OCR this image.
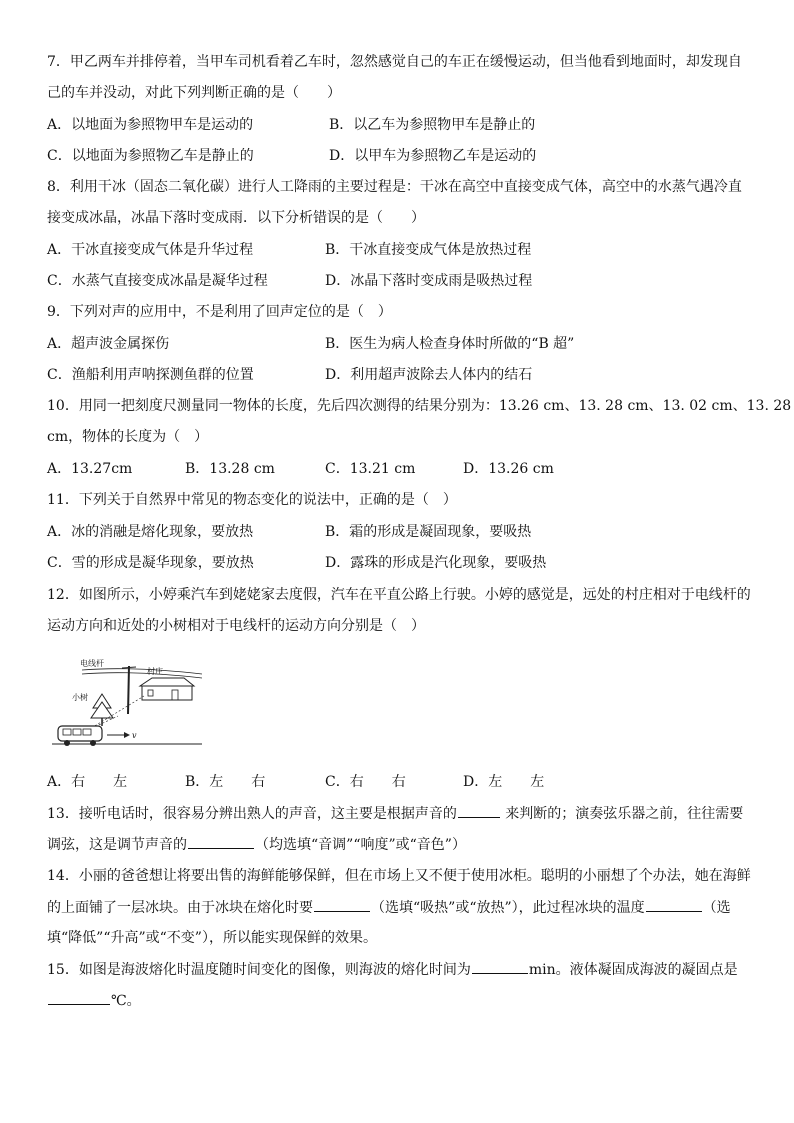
7．甲乙两车并排停着，当甲车司机看着乙车时，忽然感觉自己的车正在缓慢运动，但当他看到地面时，却发现自
己的车并没动，对此下列判断正确的是（　　）
A．以地面为参照物甲车是运动的	B．以乙车为参照物甲车是静止的
C．以地面为参照物乙车是静止的	D．以甲车为参照物乙车是运动的
8．利用干冰（固态二氧化碳）进行人工降雨的主要过程是：干冰在高空中直接变成气体，高空中的水蒸气遇冷直
接变成冰晶，冰晶下落时变成雨．以下分析错误的是（　　）
A．干冰直接变成气体是升华过程	B．干冰直接变成气体是放热过程
C．水蒸气直接变成冰晶是凝华过程	D．冰晶下落时变成雨是吸热过程
9．下列对声的应用中，不是利用了回声定位的是（　）
A．超声波金属探伤	B．医生为病人检查身体时所做的“B 超”
C．渔船利用声呐探测鱼群的位置	D．利用超声波除去人体内的结石
10．用同一把刻度尺测量同一物体的长度，先后四次测得的结果分别为：13.26 cm、13. 28 cm、13. 02 cm、13. 28
cm，物体的长度为（　）
A．13.27cm	B．13.28 cm	C．13.21 cm	D．13.26 cm
11．下列关于自然界中常见的物态变化的说法中，正确的是（　）
A．冰的消融是熔化现象，要放热	B．霜的形成是凝固现象，要吸热
C．雪的形成是凝华现象，要放热	D．露珠的形成是汽化现象，要吸热
12．如图所示，小婷乘汽车到姥姥家去度假，汽车在平直公路上行驶。小婷的感觉是，远处的村庄相对于电线杆的
运动方向和近处的小树相对于电线杆的运动方向分别是（　）
电线杆
村庄
小树
v
A．右　　左	B．左　　右	C．右　　右	D．左　　左
13．接听电话时，很容易分辨出熟人的声音，这主要是根据声音的	来判断的；演奏弦乐器之前，往往需要
调弦，这是调节声音的	（均选填“音调”“响度”或“音色”）
14．小丽的爸爸想让将要出售的海鲜能够保鲜，但在市场上又不便于使用冰柜。聪明的小丽想了个办法，她在海鲜
的上面铺了一层冰块。由于冰块在熔化时要	（选填“吸热”或“放热”），此过程冰块的温度	（选
填“降低”“升高”或“不变”），所以能实现保鲜的效果。
15．如图是海波熔化时温度随时间变化的图像，则海波的熔化时间为	min。液体凝固成海波的凝固点是
℃。
